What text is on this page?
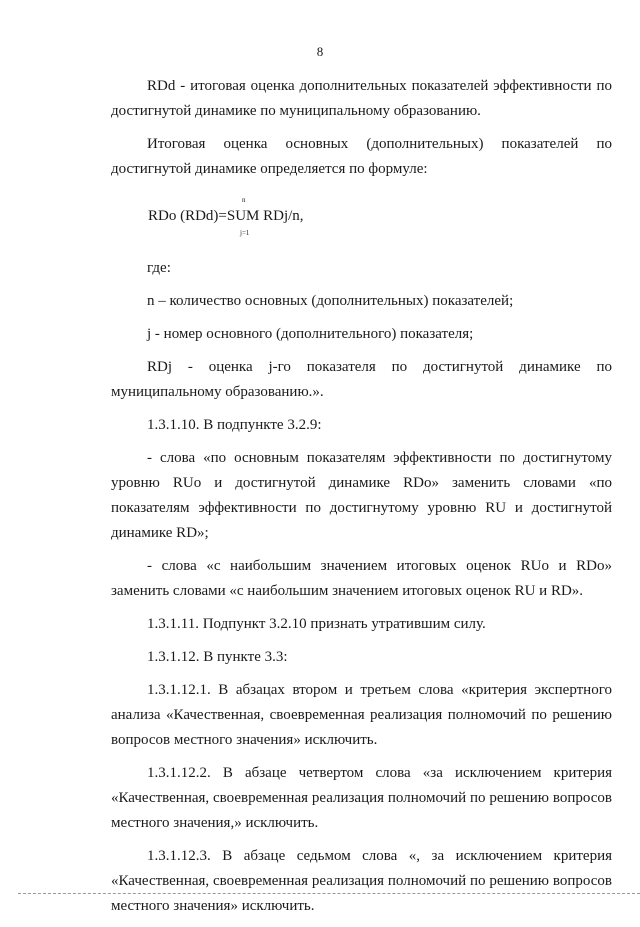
8

RDd - итоговая оценка дополнительных показателей эффективности по достигнутой динамике по муниципальному образованию.

Итоговая оценка основных (дополнительных) показателей по достигнутой динамике определяется по формуле:

RDo (RDd)=SUM RDj/n,
n
j=1

где:

n – количество основных (дополнительных) показателей;

j - номер основного (дополнительного) показателя;

RDj - оценка j-го показателя по достигнутой динамике по муниципальному образованию.».

1.3.1.10. В подпункте 3.2.9:

- слова «по основным показателям эффективности по достигнутому уровню RUo и достигнутой динамике RDo» заменить словами «по показателям эффективности по достигнутому уровню RU и достигнутой динамике RD»;

- слова «с наибольшим значением итоговых оценок RUo и RDo» заменить словами «с наибольшим значением итоговых оценок RU и RD».

1.3.1.11. Подпункт 3.2.10 признать утратившим силу.

1.3.1.12. В пункте 3.3:

1.3.1.12.1. В абзацах втором и третьем слова «критерия экспертного анализа «Качественная, своевременная реализация полномочий по решению вопросов местного значения» исключить.

1.3.1.12.2. В абзаце четвертом слова «за исключением критерия «Качественная, своевременная реализация полномочий по решению вопросов местного значения,» исключить.

1.3.1.12.3. В абзаце седьмом слова «, за исключением критерия «Качественная, своевременная реализация полномочий по решению вопросов местного значения» исключить.
